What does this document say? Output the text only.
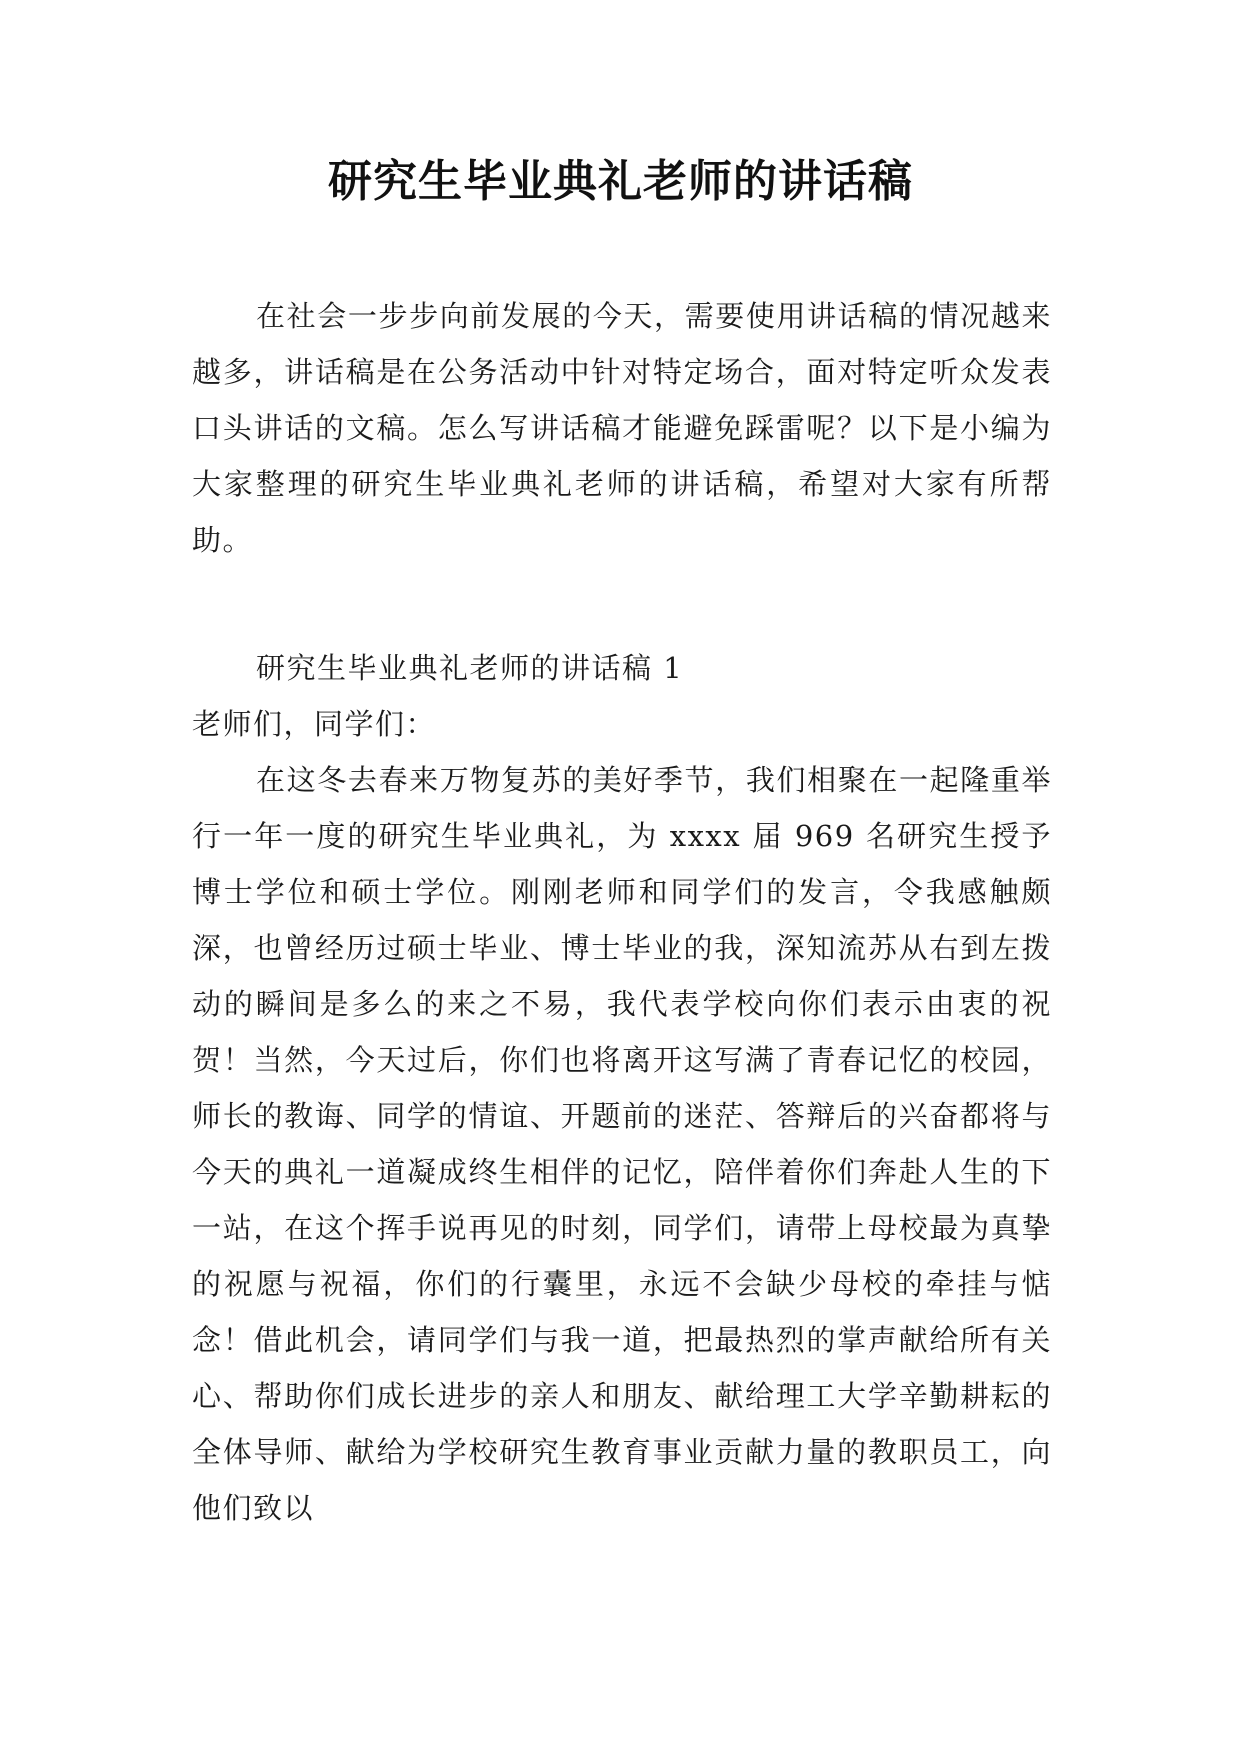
研究生毕业典礼老师的讲话稿

在社会一步步向前发展的今天，需要使用讲话稿的情况越来越多，讲话稿是在公务活动中针对特定场合，面对特定听众发表口头讲话的文稿。怎么写讲话稿才能避免踩雷呢？以下是小编为大家整理的研究生毕业典礼老师的讲话稿，希望对大家有所帮助。

研究生毕业典礼老师的讲话稿 1

老师们，同学们：

在这冬去春来万物复苏的美好季节，我们相聚在一起隆重举行一年一度的研究生毕业典礼，为 xxxx 届 969 名研究生授予博士学位和硕士学位。刚刚老师和同学们的发言，令我感触颇深，也曾经历过硕士毕业、博士毕业的我，深知流苏从右到左拨动的瞬间是多么的来之不易，我代表学校向你们表示由衷的祝贺！当然，今天过后，你们也将离开这写满了青春记忆的校园，师长的教诲、同学的情谊、开题前的迷茫、答辩后的兴奋都将与今天的典礼一道凝成终生相伴的记忆，陪伴着你们奔赴人生的下一站，在这个挥手说再见的时刻，同学们，请带上母校最为真挚的祝愿与祝福，你们的行囊里，永远不会缺少母校的牵挂与惦念！借此机会，请同学们与我一道，把最热烈的掌声献给所有关心、帮助你们成长进步的亲人和朋友、献给理工大学辛勤耕耘的全体导师、献给为学校研究生教育事业贡献力量的教职员工，向他们致以
